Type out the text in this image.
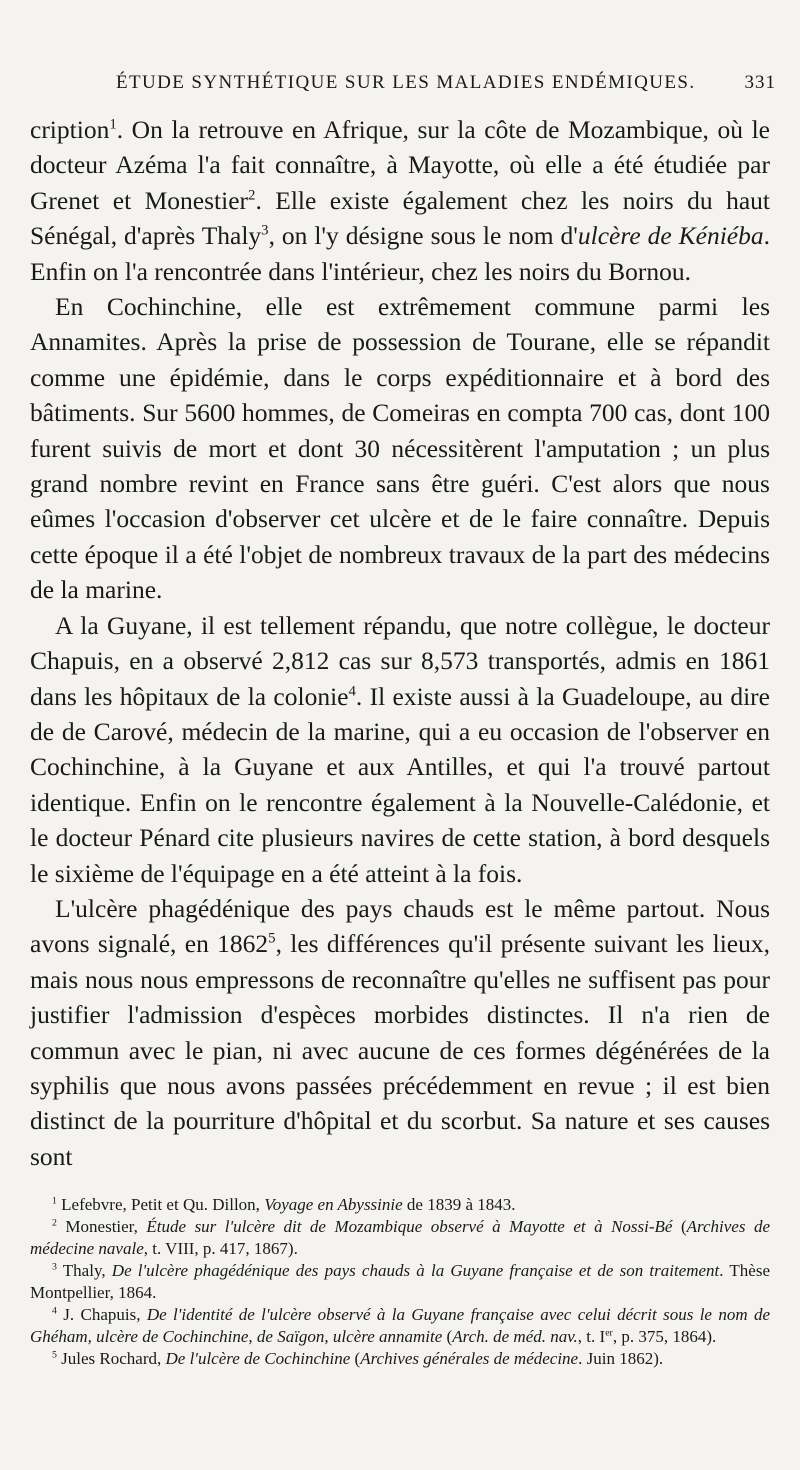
ÉTUDE SYNTHÉTIQUE SUR LES MALADIES ENDÉMIQUES.	331

cription$^1$. On la retrouve en Afrique, sur la côte de Mozambique, où le docteur Azéma l'a fait connaître, à Mayotte, où elle a été étudiée par Grenet et Monestier$^2$. Elle existe également chez les noirs du haut Sénégal, d'après Thaly$^3$, on l'y désigne sous le nom d'ulcère de Kéniéba. Enfin on l'a rencontrée dans l'intérieur, chez les noirs du Bornou.

En Cochinchine, elle est extrêmement commune parmi les Annamites. Après la prise de possession de Tourane, elle se répandit comme une épidémie, dans le corps expéditionnaire et à bord des bâtiments. Sur 5600 hommes, de Comeiras en compta 700 cas, dont 100 furent suivis de mort et dont 30 nécessitèrent l'amputation ; un plus grand nombre revint en France sans être guéri. C'est alors que nous eûmes l'occasion d'observer cet ulcère et de le faire connaître. Depuis cette époque il a été l'objet de nombreux travaux de la part des médecins de la marine.

A la Guyane, il est tellement répandu, que notre collègue, le docteur Chapuis, en a observé 2,812 cas sur 8,573 transportés, admis en 1861 dans les hôpitaux de la colonie$^4$. Il existe aussi à la Guadeloupe, au dire de de Carové, médecin de la marine, qui a eu occasion de l'observer en Cochinchine, à la Guyane et aux Antilles, et qui l'a trouvé partout identique. Enfin on le rencontre également à la Nouvelle-Calédonie, et le docteur Pénard cite plusieurs navires de cette station, à bord desquels le sixième de l'équipage en a été atteint à la fois.

L'ulcère phagédénique des pays chauds est le même partout. Nous avons signalé, en 1862$^5$, les différences qu'il présente suivant les lieux, mais nous nous empressons de reconnaître qu'elles ne suffisent pas pour justifier l'admission d'espèces morbides distinctes. Il n'a rien de commun avec le pian, ni avec aucune de ces formes dégénérées de la syphilis que nous avons passées précédemment en revue ; il est bien distinct de la pourriture d'hôpital et du scorbut. Sa nature et ses causes sont

$^1$ Lefebvre, Petit et Qu. Dillon, Voyage en Abyssinie de 1839 à 1843.

$^2$ Monestier, Étude sur l'ulcère dit de Mozambique observé à Mayotte et à Nossi-Bé (Archives de médecine navale, t. VIII, p. 417, 1867).

$^3$ Thaly, De l'ulcère phagédénique des pays chauds à la Guyane française et de son traitement. Thèse Montpellier, 1864.

$^4$ J. Chapuis, De l'identité de l'ulcère observé à la Guyane française avec celui décrit sous le nom de Ghéham, ulcère de Cochinchine, de Saïgon, ulcère annamite (Arch. de méd. nav., t. Ier, p. 375, 1864).

$^5$ Jules Rochard, De l'ulcère de Cochinchine (Archives générales de médecine. Juin 1862).
